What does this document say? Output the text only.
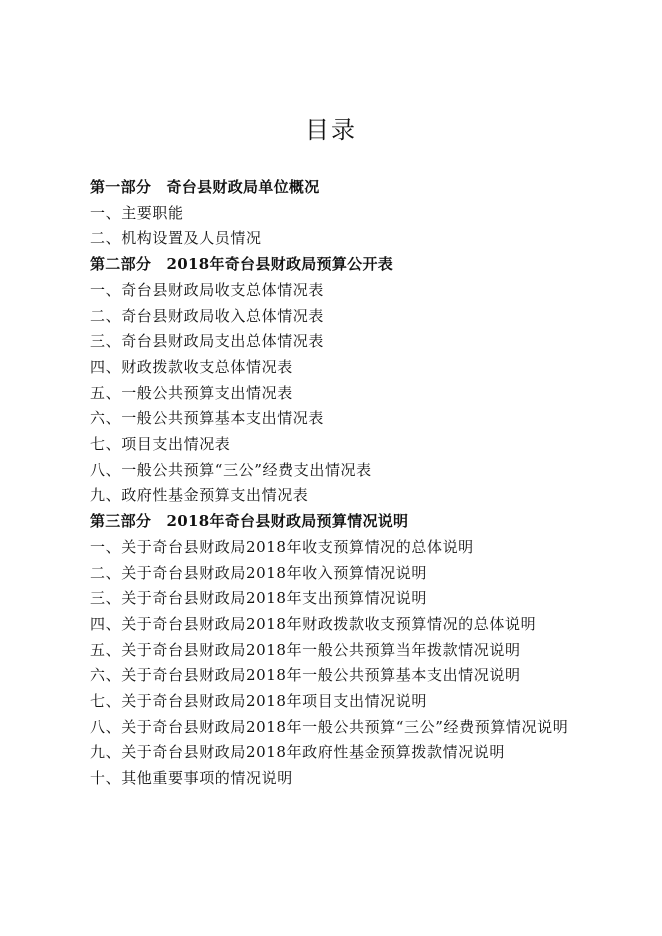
目录
第一部分　奇台县财政局单位概况
一、主要职能
二、机构设置及人员情况
第二部分　2018年奇台县财政局预算公开表
一、奇台县财政局收支总体情况表
二、奇台县财政局收入总体情况表
三、奇台县财政局支出总体情况表
四、财政拨款收支总体情况表
五、一般公共预算支出情况表
六、一般公共预算基本支出情况表
七、项目支出情况表
八、一般公共预算“三公”经费支出情况表
九、政府性基金预算支出情况表
第三部分　2018年奇台县财政局预算情况说明
一、关于奇台县财政局2018年收支预算情况的总体说明
二、关于奇台县财政局2018年收入预算情况说明
三、关于奇台县财政局2018年支出预算情况说明
四、关于奇台县财政局2018年财政拨款收支预算情况的总体说明
五、关于奇台县财政局2018年一般公共预算当年拨款情况说明
六、关于奇台县财政局2018年一般公共预算基本支出情况说明
七、关于奇台县财政局2018年项目支出情况说明
八、关于奇台县财政局2018年一般公共预算“三公”经费预算情况说明
九、关于奇台县财政局2018年政府性基金预算拨款情况说明
十、其他重要事项的情况说明
